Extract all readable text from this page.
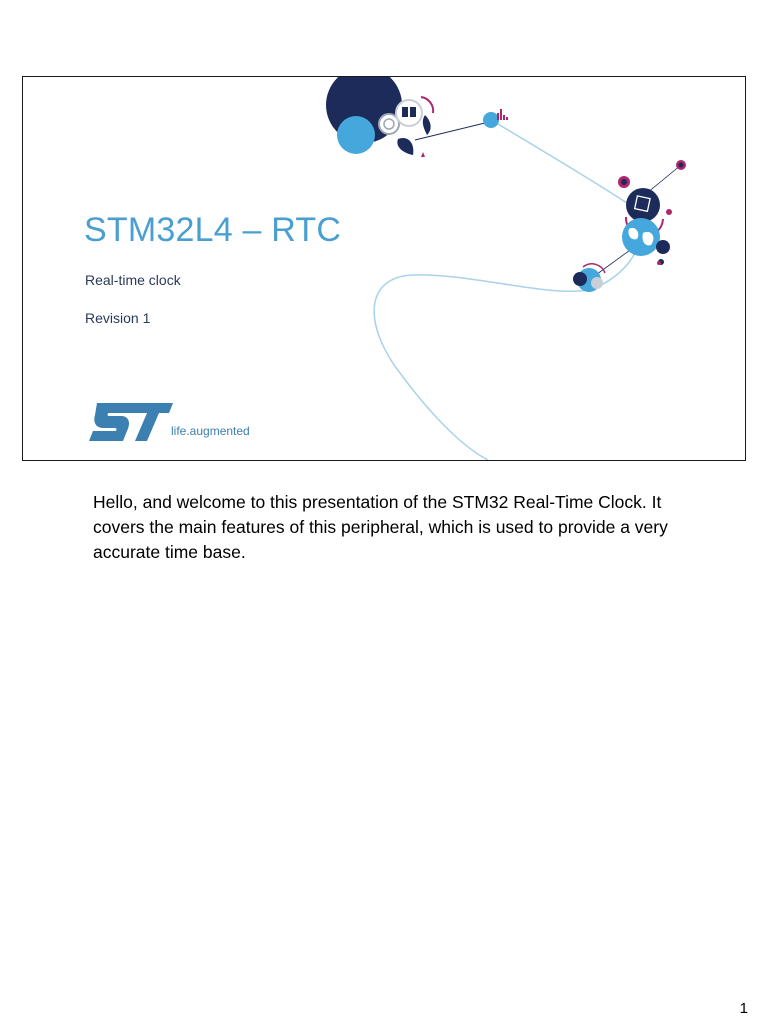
STM32L4 – RTC
Real-time clock
Revision 1
life.augmented
Hello, and welcome to this presentation of the STM32 Real-Time Clock. It covers the main features of this peripheral, which is used to provide a very accurate time base.
1
